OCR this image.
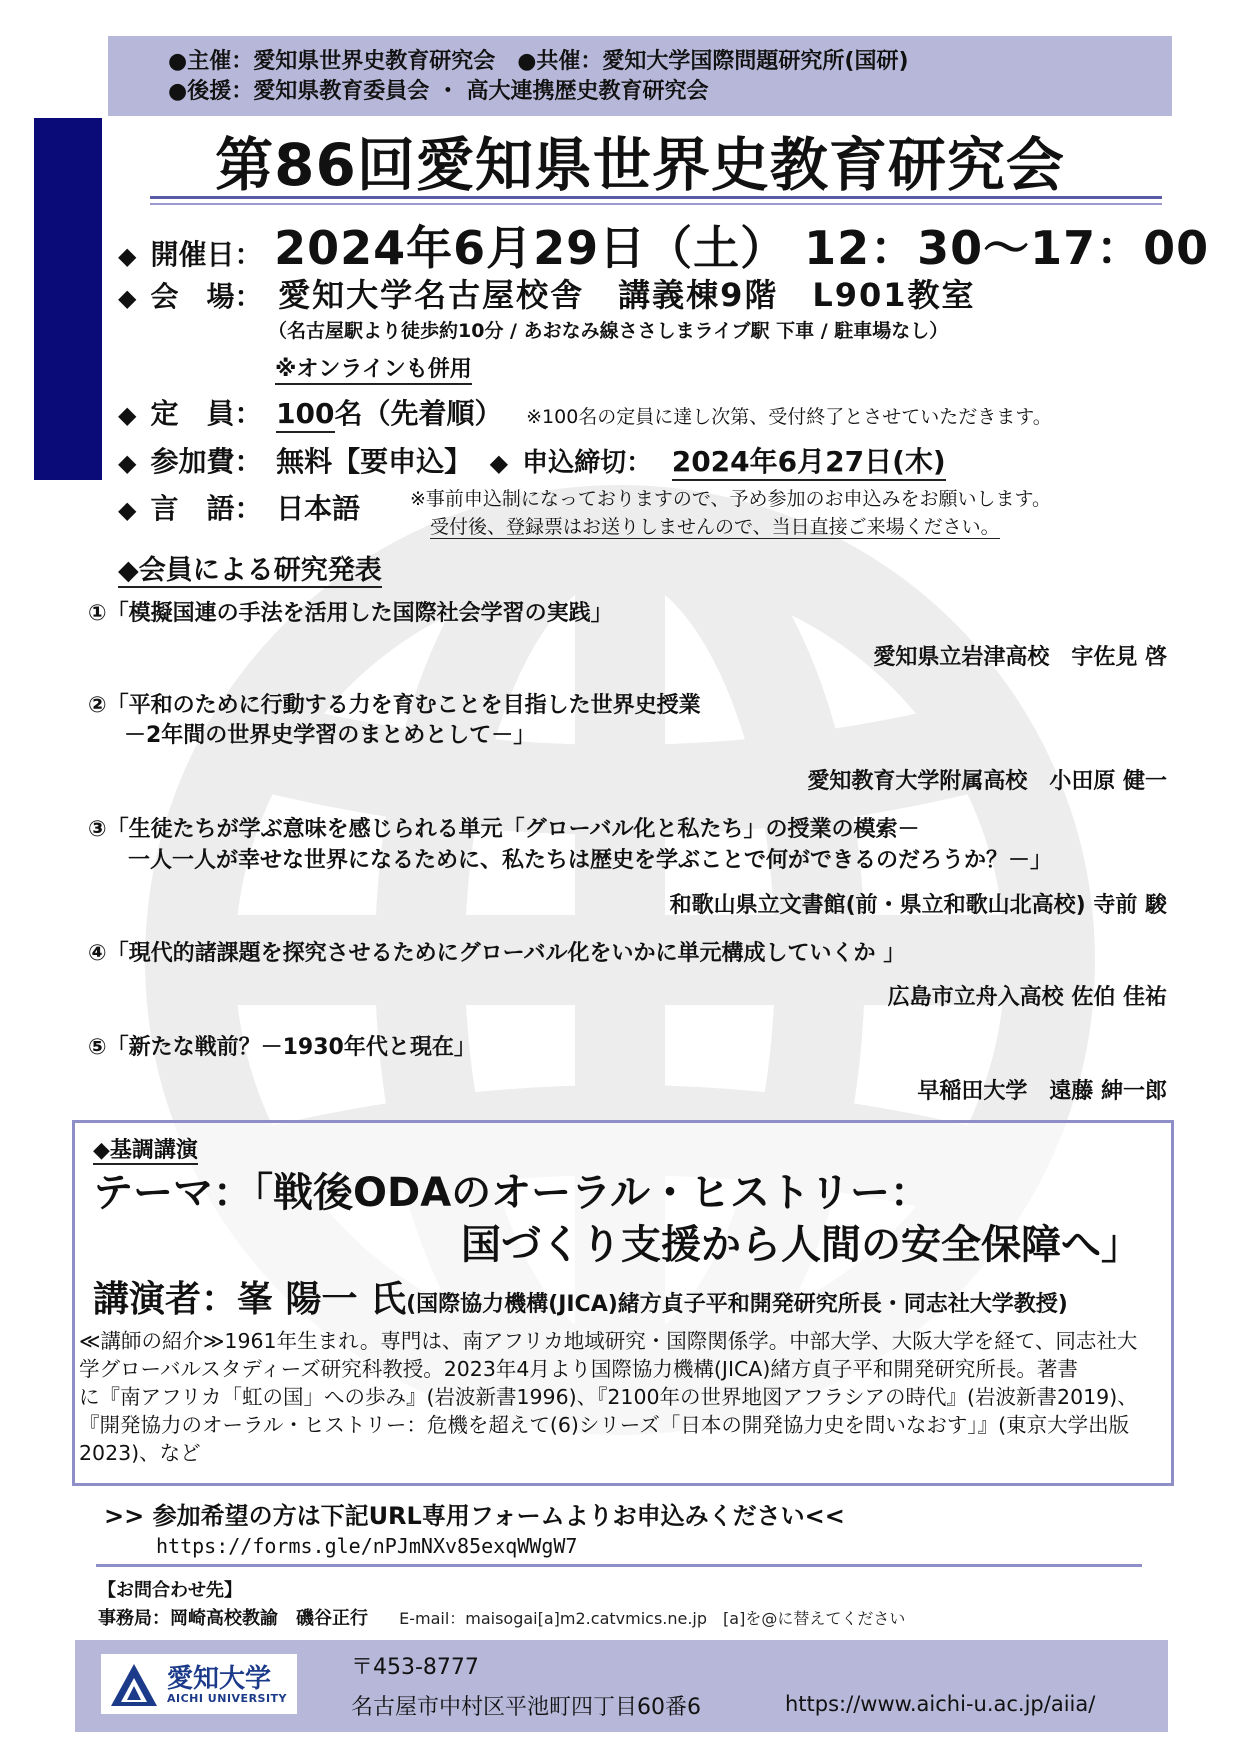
●主催：愛知県世界史教育研究会　●共催：愛知大学国際問題研究所(国研)
●後援：愛知県教育委員会 ・ 高大連携歴史教育研究会
第86回愛知県世界史教育研究会
◆ 開催日： 2024年6月29日（土） 12：30～17：00
◆ 会　場： 愛知大学名古屋校舎　講義棟9階　L901教室
（名古屋駅より徒歩約10分 / あおなみ線ささしまライブ駅 下車 / 駐車場なし）
※オンラインも併用
◆ 定　員： 100名（先着順） ※100名の定員に達し次第、受付終了とさせていただきます。
◆ 参加費： 無料【要申込】 ◆ 申込締切： 2024年6月27日(木)
◆ 言　語： 日本語	※事前申込制になっておりますので、予め参加のお申込みをお願いします。
受付後、登録票はお送りしませんので、当日直接ご来場ください。
◆会員による研究発表
①「模擬国連の手法を活用した国際社会学習の実践」
愛知県立岩津高校　宇佐見 啓
②「平和のために行動する力を育むことを目指した世界史授業
－2年間の世界史学習のまとめとして－」
愛知教育大学附属高校　小田原 健一
③「生徒たちが学ぶ意味を感じられる単元「グローバル化と私たち」の授業の模索－
一人一人が幸せな世界になるために、私たちは歴史を学ぶことで何ができるのだろうか？－」
和歌山県立文書館(前・県立和歌山北高校) 寺前 駿
④「現代的諸課題を探究させるためにグローバル化をいかに単元構成していくか 」
広島市立舟入高校 佐伯 佳祐
⑤「新たな戦前？－1930年代と現在」
早稲田大学　遠藤 紳一郎
◆基調講演
テーマ：「戦後ODAのオーラル・ヒストリー：
国づくり支援から人間の安全保障へ」
講演者：峯 陽一 氏(国際協力機構(JICA)緒方貞子平和開発研究所長・同志社大学教授)
≪講師の紹介≫1961年生まれ。専門は、南アフリカ地域研究・国際関係学。中部大学、大阪大学を経て、同志社大
学グローバルスタディーズ研究科教授。2023年4月より国際協力機構(JICA)緒方貞子平和開発研究所長。著書
に『南アフリカ「虹の国」への歩み』(岩波新書1996)、『2100年の世界地図アフラシアの時代』(岩波新書2019)、
『開発協力のオーラル・ヒストリー：危機を超えて(6)シリーズ「日本の開発協力史を問いなおす」』(東京大学出版
2023)、など
>> 参加希望の方は下記URL専用フォームよりお申込みください<<
https://forms.gle/nPJmNXv85exqWWgW7
【お問合わせ先】
事務局：岡崎高校教諭　磯谷正行 E-mail：maisogai[a]m2.catvmics.ne.jp　[a]を@に替えてください
愛知大学
AICHI UNIVERSITY
〒453-8777
名古屋市中村区平池町四丁目60番6	https://www.aichi-u.ac.jp/aiia/
